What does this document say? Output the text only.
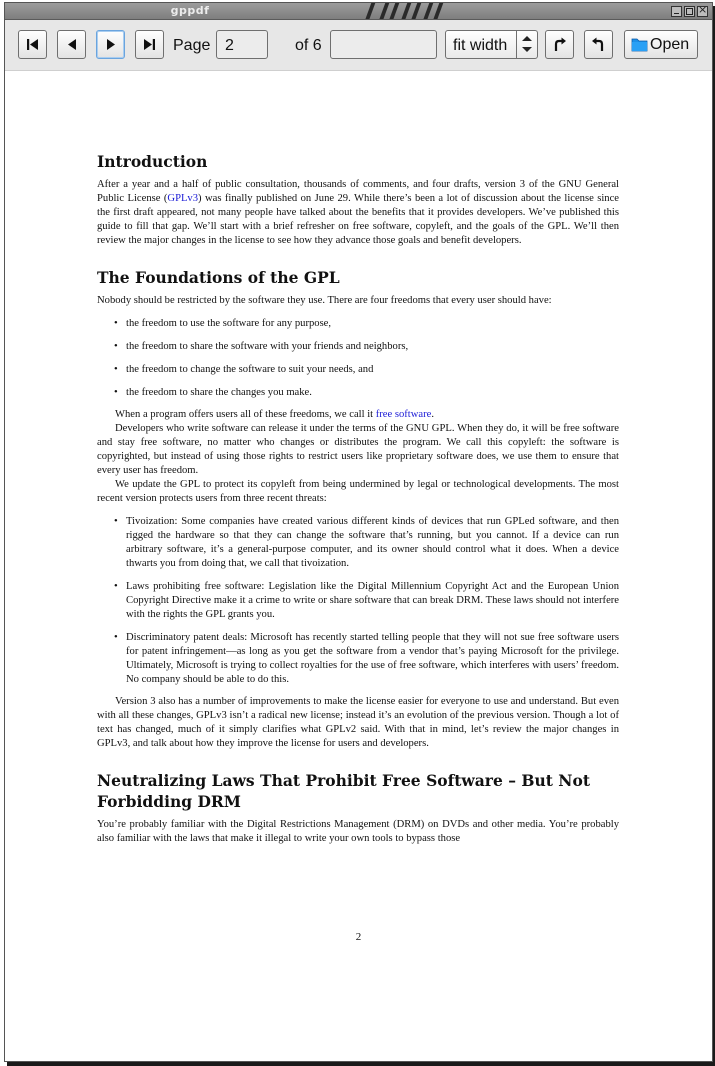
gppdf
×
Page 2	of 6	fit width	Open
Introduction

After a year and a half of public consultation, thousands of comments, and four drafts, version 3 of the GNU General Public License (GPLv3) was finally published on June 29. While there’s been a lot of discussion about the license since the first draft appeared, not many people have talked about the benefits that it provides developers. We’ve published this guide to fill that gap. We’ll start with a brief refresher on free software, copyleft, and the goals of the GPL. We’ll then review the major changes in the license to see how they advance those goals and benefit developers.

The Foundations of the GPL

Nobody should be restricted by the software they use. There are four freedoms that every user should have:

• the freedom to use the software for any purpose,
• the freedom to share the software with your friends and neighbors,
• the freedom to change the software to suit your needs, and
• the freedom to share the changes you make.

When a program offers users all of these freedoms, we call it free software.

Developers who write software can release it under the terms of the GNU GPL. When they do, it will be free software and stay free software, no matter who changes or distributes the program. We call this copyleft: the software is copyrighted, but instead of using those rights to restrict users like proprietary software does, we use them to ensure that every user has freedom.

We update the GPL to protect its copyleft from being undermined by legal or technological developments. The most recent version protects users from three recent threats:

• Tivoization: Some companies have created various different kinds of devices that run GPLed software, and then rigged the hardware so that they can change the software that’s running, but you cannot. If a device can run arbitrary software, it’s a general-purpose computer, and its owner should control what it does. When a device thwarts you from doing that, we call that tivoization.
• Laws prohibiting free software: Legislation like the Digital Millennium Copyright Act and the European Union Copyright Directive make it a crime to write or share software that can break DRM. These laws should not interfere with the rights the GPL grants you.
• Discriminatory patent deals: Microsoft has recently started telling people that they will not sue free software users for patent infringement—as long as you get the software from a vendor that’s paying Microsoft for the privilege. Ultimately, Microsoft is trying to collect royalties for the use of free software, which interferes with users’ freedom. No company should be able to do this.

Version 3 also has a number of improvements to make the license easier for everyone to use and understand. But even with all these changes, GPLv3 isn’t a radical new license; instead it’s an evolution of the previous version. Though a lot of text has changed, much of it simply clarifies what GPLv2 said. With that in mind, let’s review the major changes in GPLv3, and talk about how they improve the license for users and developers.

Neutralizing Laws That Prohibit Free Software – But Not Forbidding DRM

You’re probably familiar with the Digital Restrictions Management (DRM) on DVDs and other media. You’re probably also familiar with the laws that make it illegal to write your own tools to bypass those

2
